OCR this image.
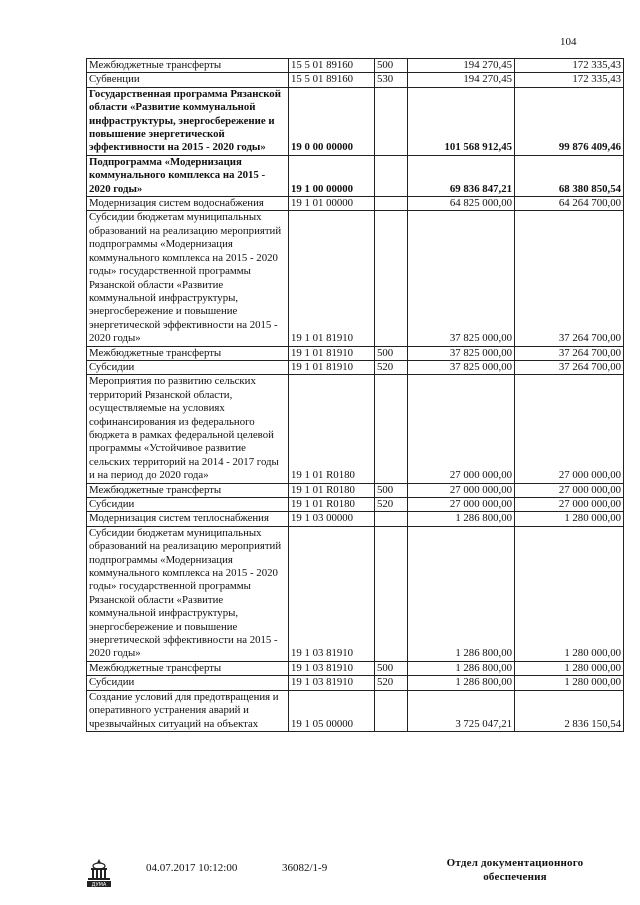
104
Межбюджетные трансферты	15 5 01 89160	500	194 270,45	172 335,43
Субвенции	15 5 01 89160	530	194 270,45	172 335,43
Государственная программа Рязанской области «Развитие коммунальной инфраструктуры, энергосбережение и повышение энергетической эффективности на 2015 - 2020 годы»	19 0 00 00000		101 568 912,45	99 876 409,46
Подпрограмма «Модернизация коммунального комплекса на 2015 - 2020 годы»	19 1 00 00000		69 836 847,21	68 380 850,54
Модернизация систем водоснабжения	19 1 01 00000		64 825 000,00	64 264 700,00
Субсидии бюджетам муниципальных образований на реализацию мероприятий подпрограммы «Модернизация коммунального комплекса на 2015 - 2020 годы» государственной программы Рязанской области «Развитие коммунальной инфраструктуры, энергосбережение и повышение энергетической эффективности на 2015 - 2020 годы»	19 1 01 81910		37 825 000,00	37 264 700,00
Межбюджетные трансферты	19 1 01 81910	500	37 825 000,00	37 264 700,00
Субсидии	19 1 01 81910	520	37 825 000,00	37 264 700,00
Мероприятия по развитию сельских территорий Рязанской области, осуществляемые на условиях софинансирования из федерального бюджета в рамках федеральной целевой программы «Устойчивое развитие сельских территорий на 2014 - 2017 годы и на период до 2020 года»	19 1 01 R0180		27 000 000,00	27 000 000,00
Межбюджетные трансферты	19 1 01 R0180	500	27 000 000,00	27 000 000,00
Субсидии	19 1 01 R0180	520	27 000 000,00	27 000 000,00
Модернизация систем теплоснабжения	19 1 03 00000		1 286 800,00	1 280 000,00
Субсидии бюджетам муниципальных образований на реализацию мероприятий подпрограммы «Модернизация коммунального комплекса на 2015 - 2020 годы» государственной программы Рязанской области «Развитие коммунальной инфраструктуры, энергосбережение и повышение энергетической эффективности на 2015 - 2020 годы»	19 1 03 81910		1 286 800,00	1 280 000,00
Межбюджетные трансферты	19 1 03 81910	500	1 286 800,00	1 280 000,00
Субсидии	19 1 03 81910	520	1 286 800,00	1 280 000,00
Создание условий для предотвращения и оперативного устранения аварий и чрезвычайных ситуаций на объектах	19 1 05 00000		3 725 047,21	2 836 150,54
ДУМА
04.07.2017 10:12:00	36082/1-9	Отдел документационного обеспечения
